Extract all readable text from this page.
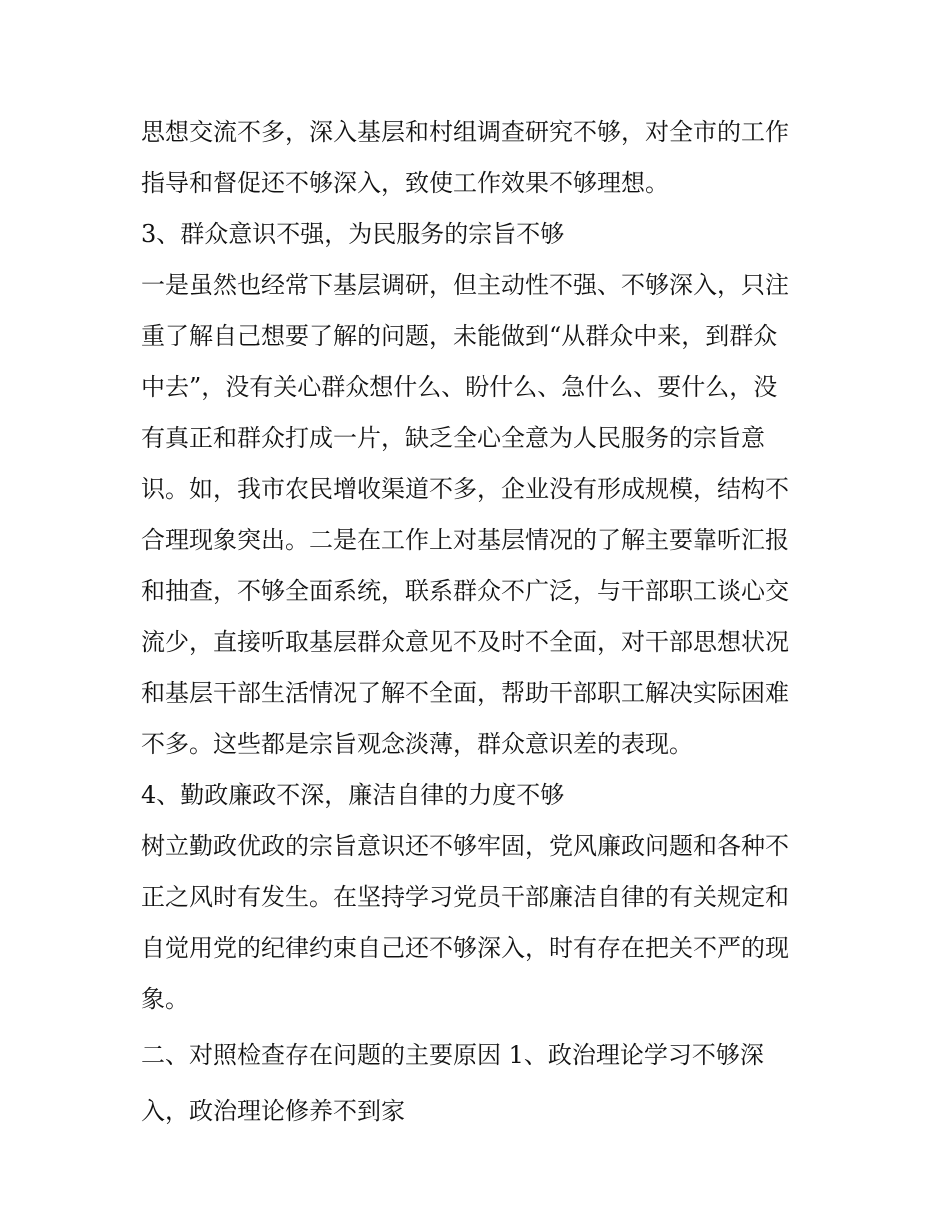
思想交流不多，深入基层和村组调查研究不够，对全市的工作
指导和督促还不够深入，致使工作效果不够理想。
3、群众意识不强，为民服务的宗旨不够
一是虽然也经常下基层调研，但主动性不强、不够深入，只注
重了解自己想要了解的问题，未能做到“从群众中来，到群众
中去”，没有关心群众想什么、盼什么、急什么、要什么，没
有真正和群众打成一片，缺乏全心全意为人民服务的宗旨意
识。如，我市农民增收渠道不多，企业没有形成规模，结构不
合理现象突出。二是在工作上对基层情况的了解主要靠听汇报
和抽查，不够全面系统，联系群众不广泛，与干部职工谈心交
流少，直接听取基层群众意见不及时不全面，对干部思想状况
和基层干部生活情况了解不全面，帮助干部职工解决实际困难
不多。这些都是宗旨观念淡薄，群众意识差的表现。
4、勤政廉政不深，廉洁自律的力度不够
树立勤政优政的宗旨意识还不够牢固，党风廉政问题和各种不
正之风时有发生。在坚持学习党员干部廉洁自律的有关规定和
自觉用党的纪律约束自己还不够深入，时有存在把关不严的现
象。
二、对照检查存在问题的主要原因 1、政治理论学习不够深
入，政治理论修养不到家
